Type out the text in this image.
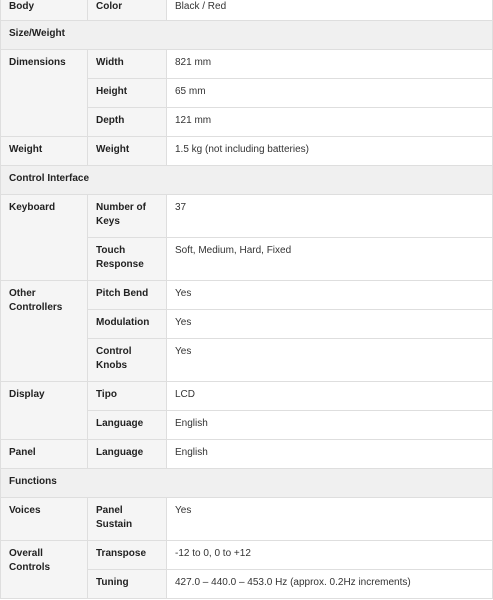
Body	Color	Black / Red
Size/Weight		
Dimensions	Width	821 mm
	Height	65 mm
	Depth	121 mm
Weight	Weight	1.5 kg (not including batteries)
Control Interface		
Keyboard	Number of Keys	37
	Touch Response	Soft, Medium, Hard, Fixed
Other Controllers	Pitch Bend	Yes
	Modulation	Yes
	Control Knobs	Yes
Display	Tipo	LCD
	Language	English
Panel	Language	English
Functions		
Voices	Panel Sustain	Yes
Overall Controls	Transpose	-12 to 0, 0 to +12
	Tuning	427.0 – 440.0 – 453.0 Hz (approx. 0.2Hz increments)
